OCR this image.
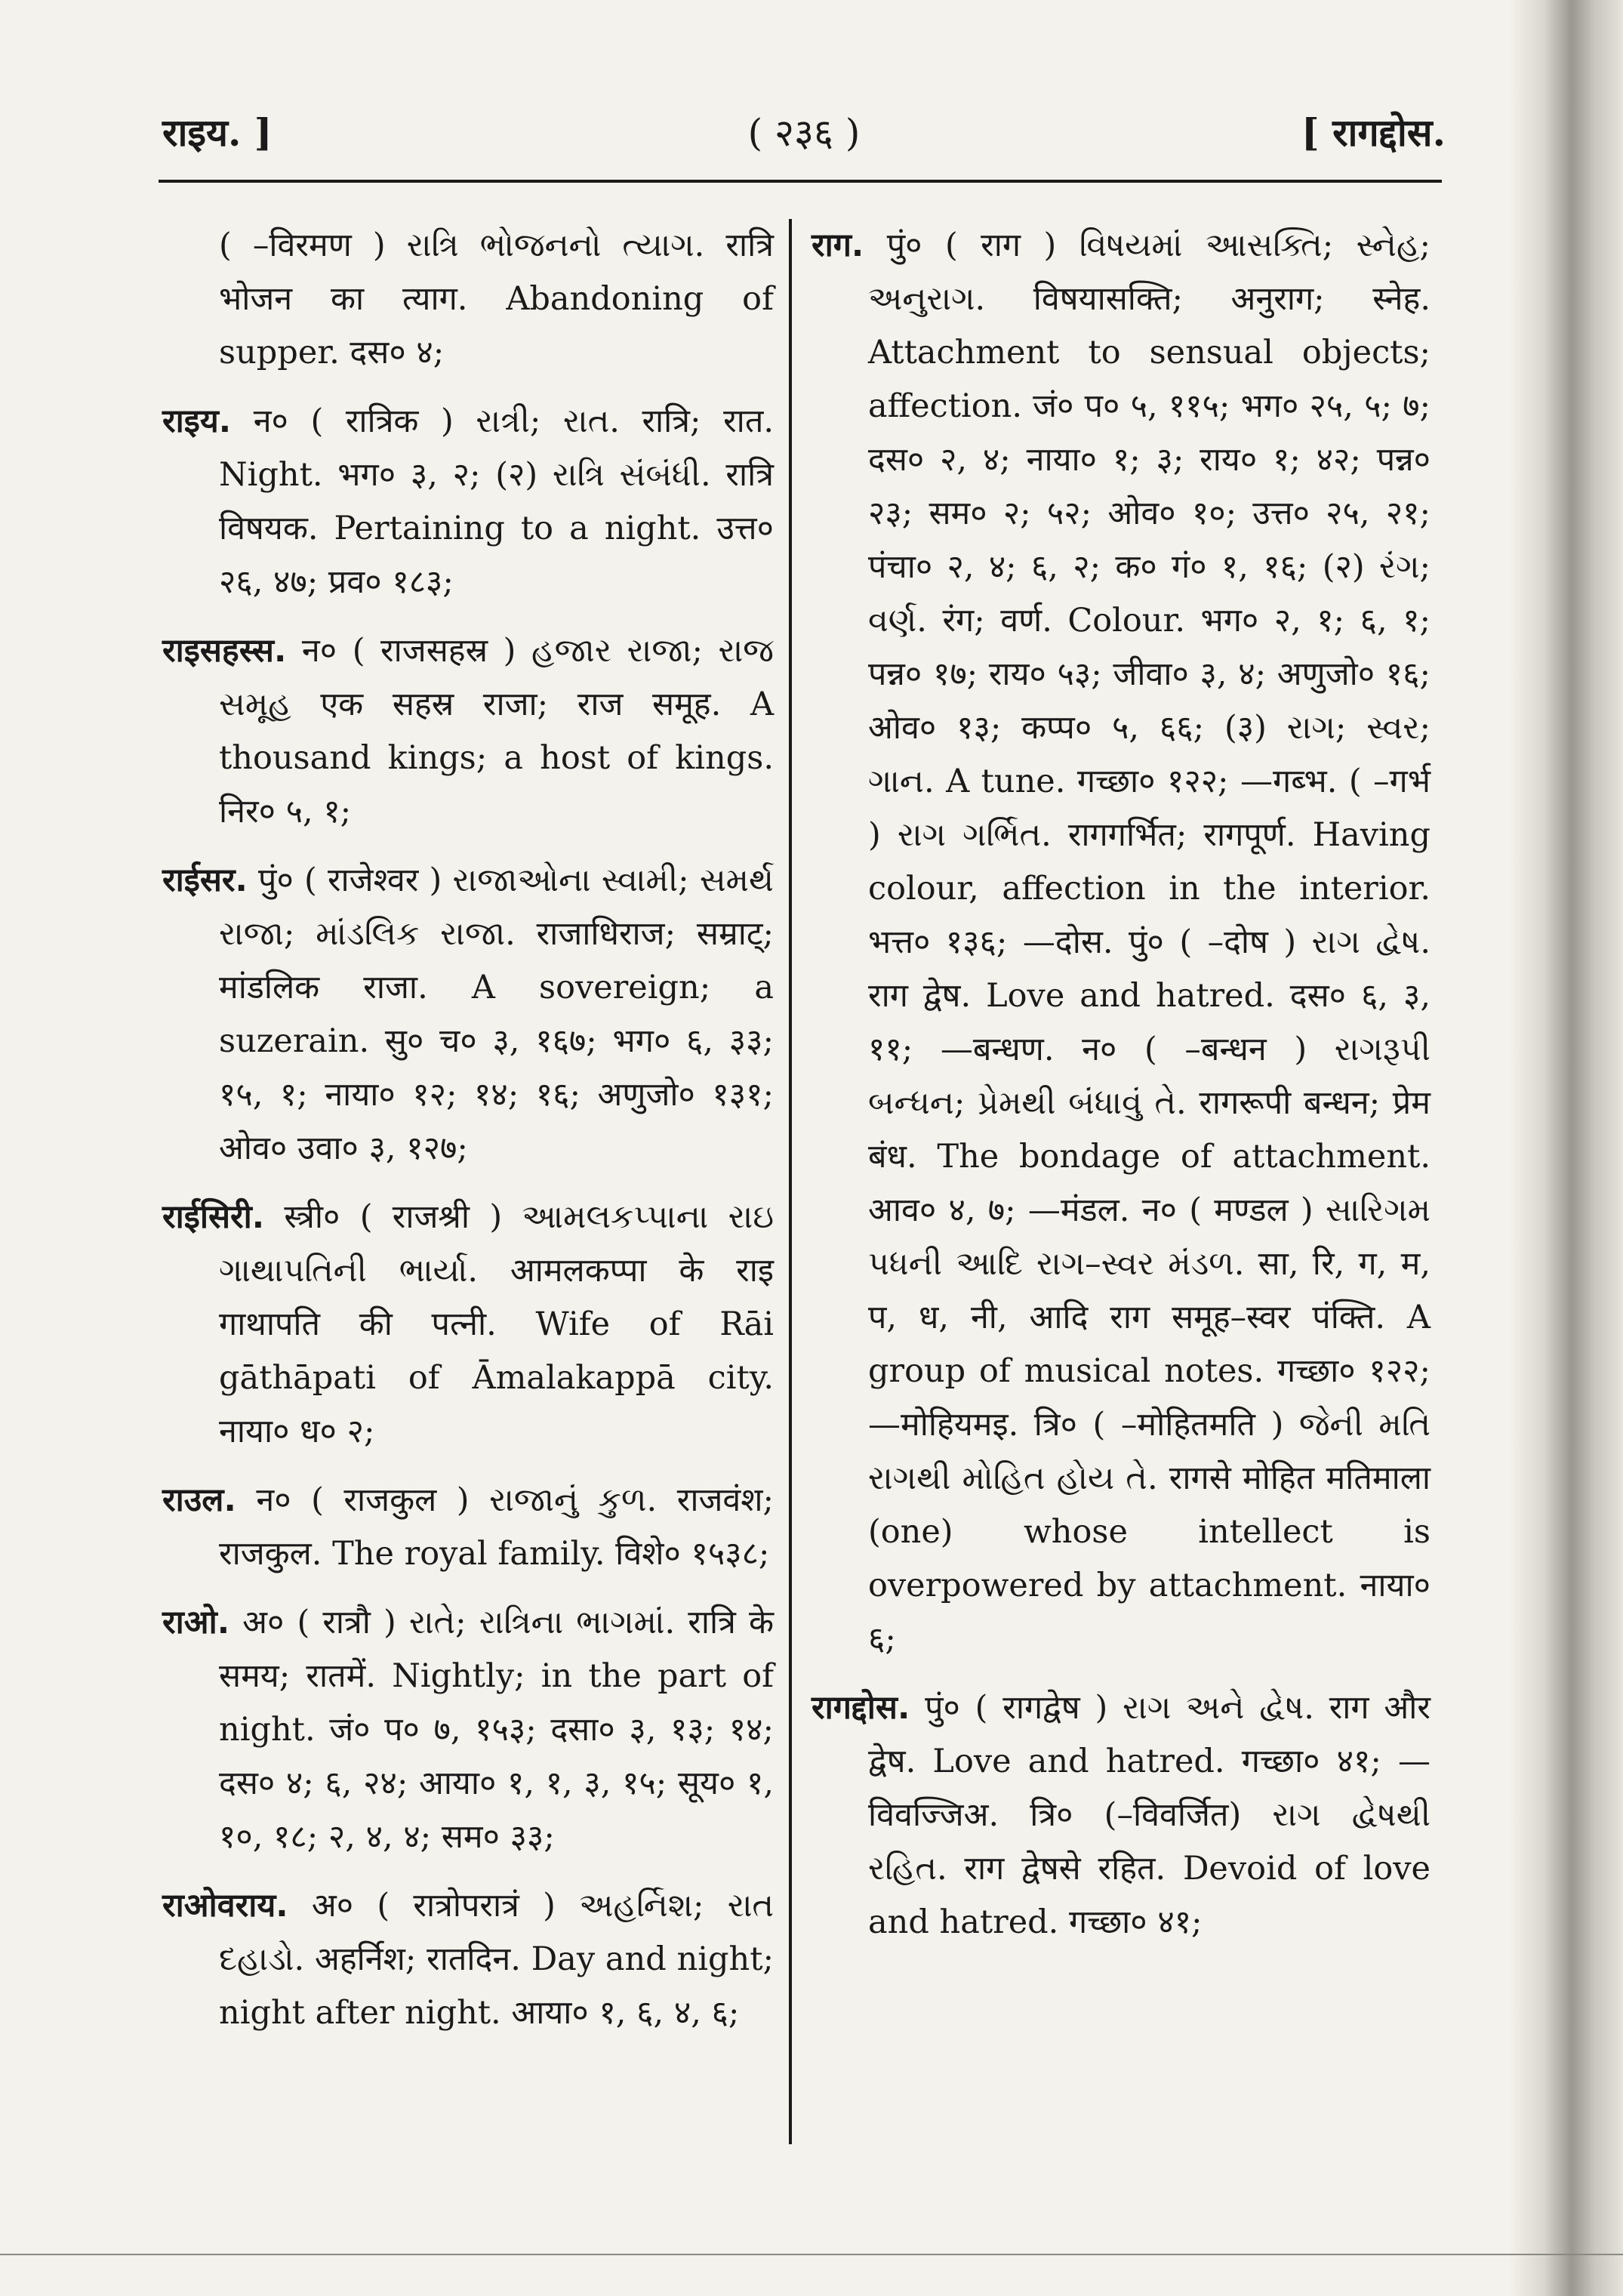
राइय. ]	( २३६ )	[ रागद्दोस.

( –विरमण ) રાત્રિ ભોજનનો ત્યાગ. रात्रि भोजन का त्याग. Abandoning of supper. दस० ४;

राइय. न० ( रात्रिक ) રાત્રી; રાત. रात्रि; रात. Night. भग० ३, २; (२) રાત્રિ સંબંધી. रात्रि विषयक. Pertaining to a night. उत्त० २६, ४७; प्रव० १८३;

राइसहस्स. न० ( राजसहस्र ) હજાર રાજા; રાજ સમૂહ एक सहस्र राजा; राज समूह. A thousand kings; a host of kings. निर० ५, १;

राईसर. पुं० ( राजेश्वर ) રાજાઓના સ્વામી; સમર્થ રાજા; માંડલિક રાજા. राजाधिराज; सम्राट्; मांडलिक राजा. A sovereign; a suzerain. सु० च० ३, १६७; भग० ६, ३३; १५, १; नाया० १२; १४; १६; अणुजो० १३१; ओव० उवा० ३, १२७;

राईसिरी. स्त्री० ( राजश्री ) આમલકપ્પાના રાઇ ગાથાપતિની ભાર્યા. आमलकप्पा के राइ गाथापति की पत्नी. Wife of Rāi gāthāpati of Āmalakappā city. नाया० ध० २;

राउल. न० ( राजकुल ) રાજાનું કુળ. राजवंश; राजकुल. The royal family. विशे० १५३८;

राओ. अ० ( रात्रौ ) રાતે; રાત્રિના ભાગમાં. रात्रि के समय; रातमें. Nightly; in the part of night. जं० प० ७, १५३; दसा० ३, १३; १४; दस० ४; ६, २४; आया० १, १, ३, १५; सूय० १, १०, १८; २, ४, ४; सम० ३३;

राओवराय. अ० ( रात्रोपरात्रं ) અહર્નિશ; રાત દહાડો. अहर्निश; रातदिन. Day and night; night after night. आया० १, ६, ४, ६;

राग. पुं० ( राग ) વિષયમાં આસક્તિ; સ્નેહ; અનુરાગ. विषयासक्ति; अनुराग; स्नेह. Attachment to sensual objects; affection. जं० प० ५, ११५; भग० २५, ५; ७; दस० २, ४; नाया० १; ३; राय० १; ४२; पन्न० २३; सम० २; ५२; ओव० १०; उत्त० २५, २१; पंचा० २, ४; ६, २; क० गं० १, १६; (२) રંગ; વર્ણ. रंग; वर्ण. Colour. भग० २, १; ६, १; पन्न० १७; राय० ५३; जीवा० ३, ४; अणुजो० १६; ओव० १३; कप्प० ५, ६६; (३) રાગ; સ્વર; ગાન. A tune. गच्छा० १२२; —गब्भ. ( –गर्भ ) રાગ ગર્ભિત. रागगर्भित; रागपूर्ण. Having colour, affection in the interior. भत्त० १३६; —दोस. पुं० ( –दोष ) રાગ દ્વેષ. राग द्वेष. Love and hatred. दस० ६, ३, ११; —बन्धण. न० ( –बन्धन ) રાગરૂપી બન્ધન; પ્રેમથી બંધાવું તે. रागरूपी बन्धन; प्रेम बंध. The bondage of attachment. आव० ४, ७; —मंडल. न० ( मण्डल ) સારિગમ પધની આદિ રાગ–સ્વર મંડળ. सा, रि, ग, म, प, ध, नी, आदि राग समूह–स्वर पंक्ति. A group of musical notes. गच्छा० १२२; —मोहियमइ. त्रि० ( –मोहितमति ) જેની મતિ રાગથી મોહિત હોય તે. रागसे मोहित मतिमाला (one) whose intellect is overpowered by attachment. नाया० ६;

रागद्दोस. पुं० ( रागद्वेष ) રાગ અને દ્વેષ. राग और द्वेष. Love and hatred. गच्छा० ४१; —विवज्जिअ. त्रि० (–विवर्जित) રાગ દ્વેષથી રહિત. राग द्वेषसे रहित. Devoid of love and hatred. गच्छा० ४१;
